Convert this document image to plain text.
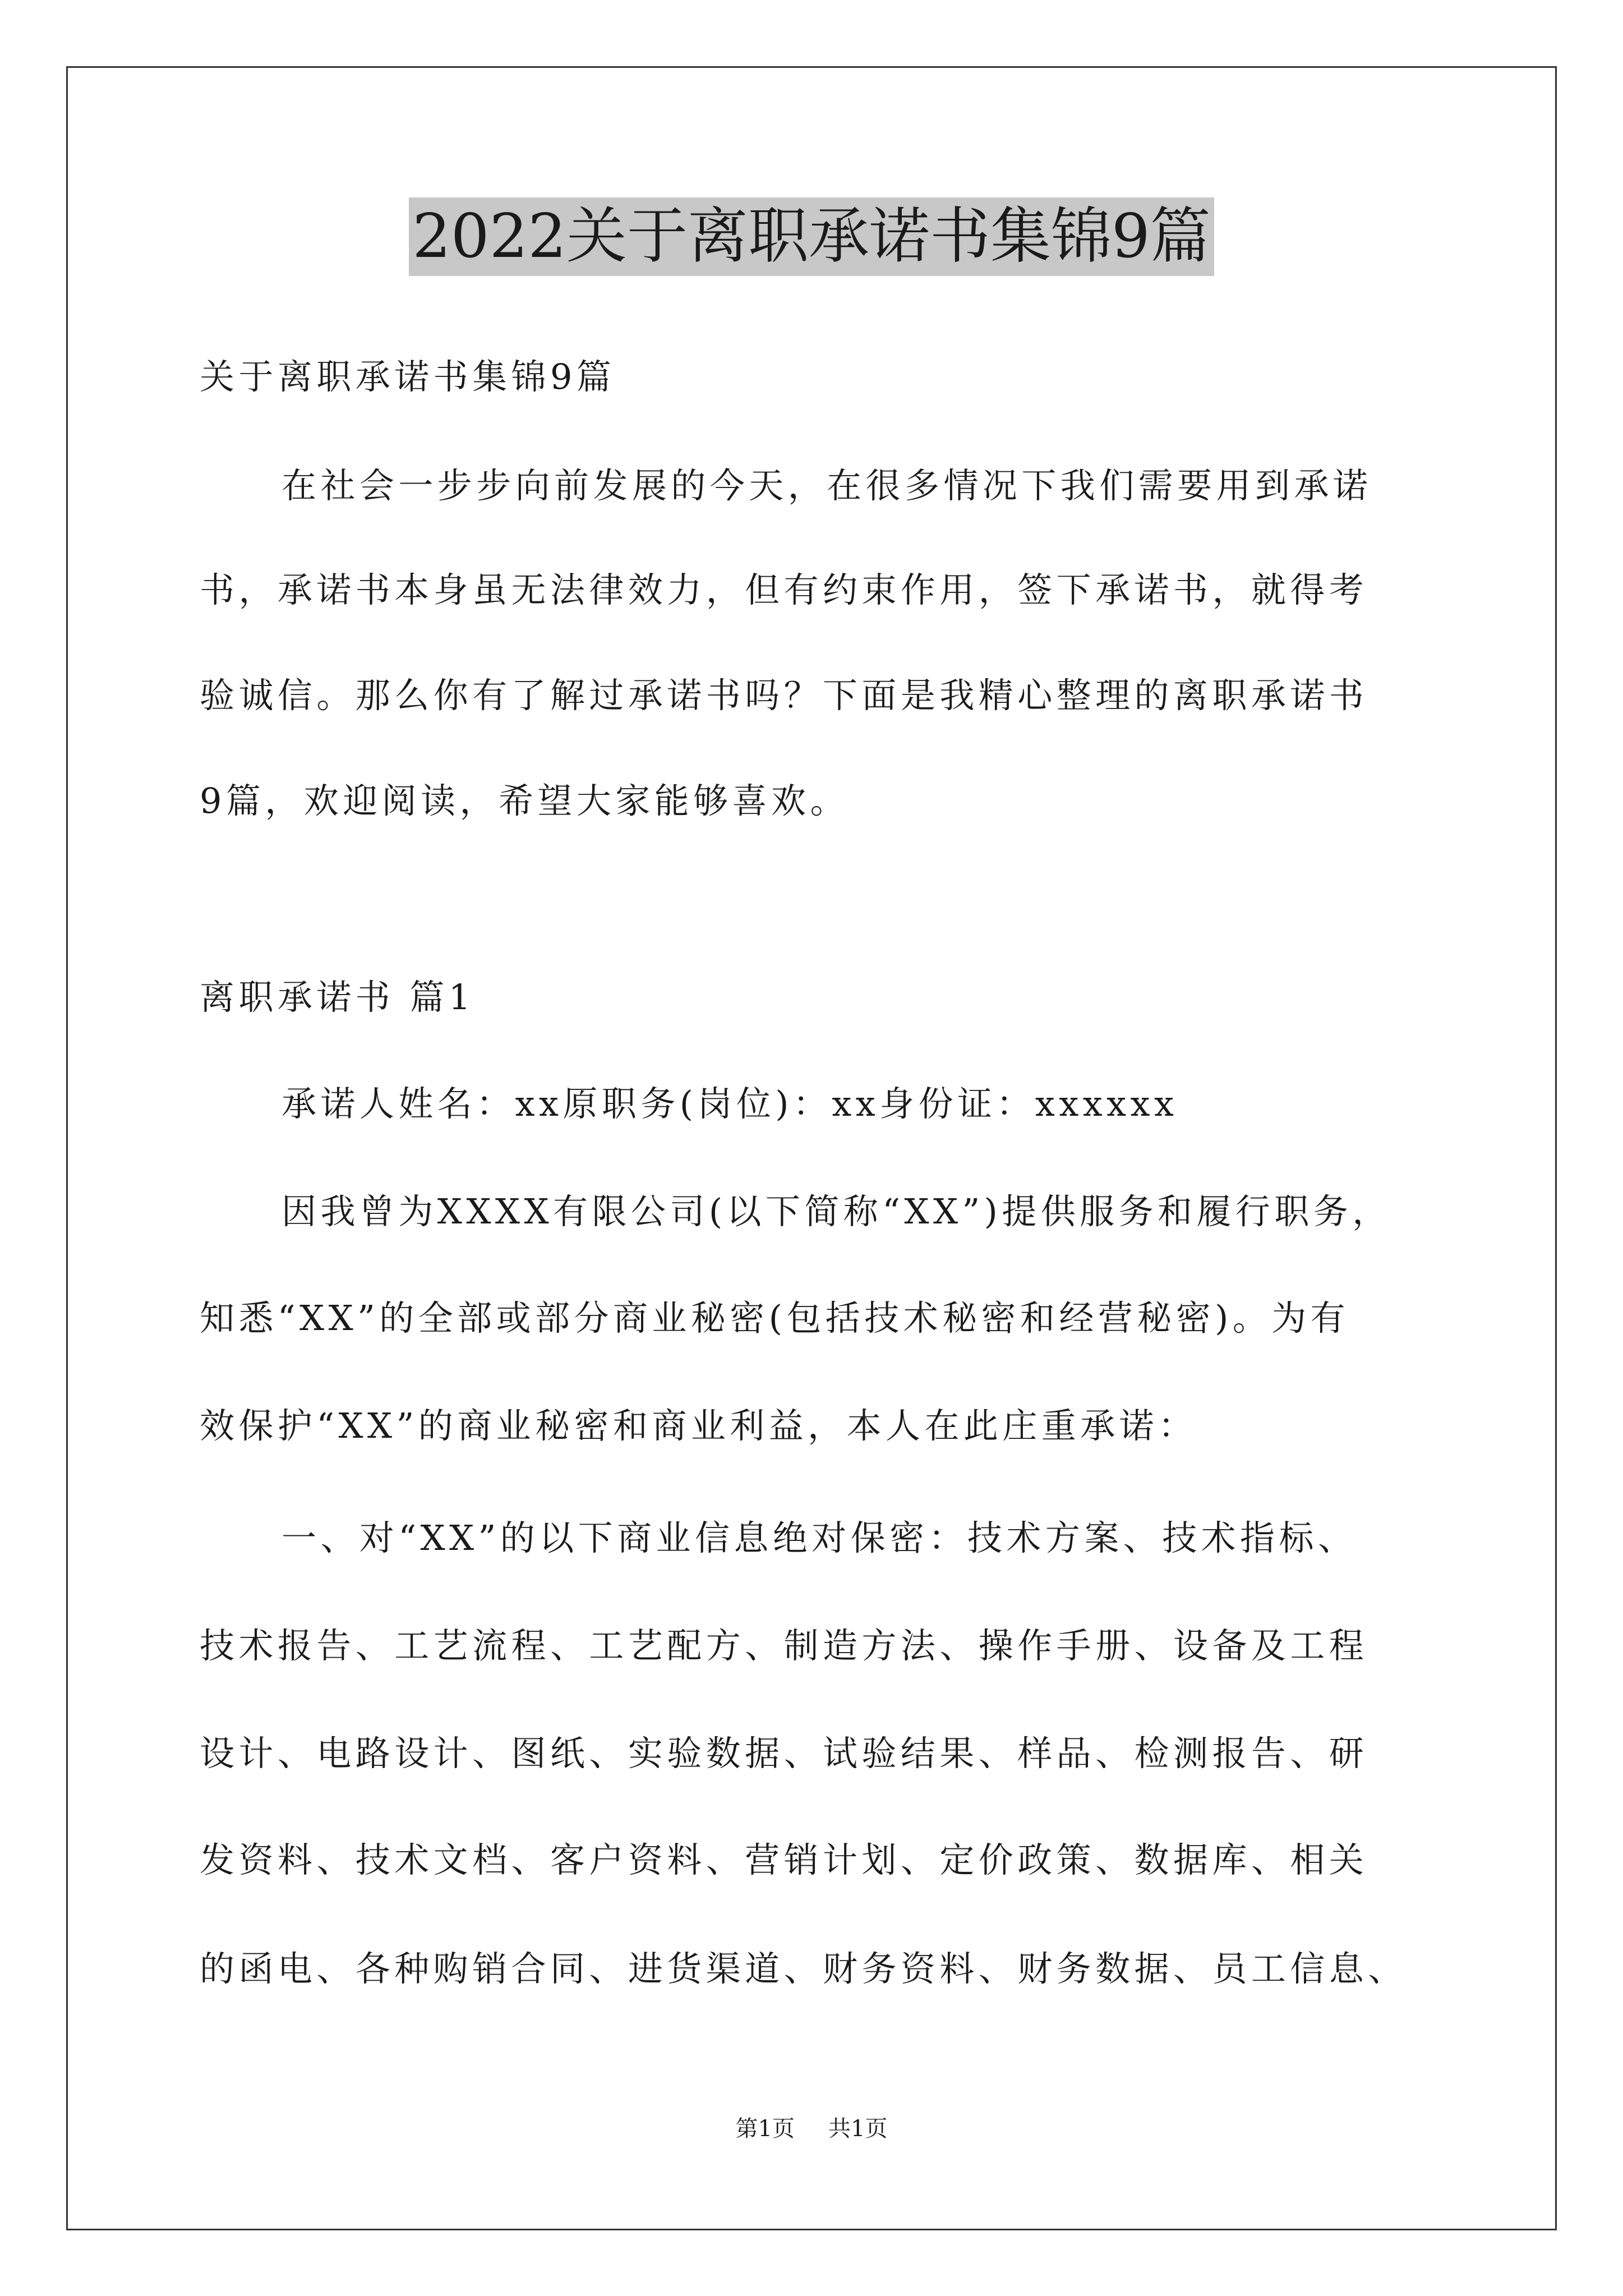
2022关于离职承诺书集锦9篇
关于离职承诺书集锦9篇
在社会一步步向前发展的今天，在很多情况下我们需要用到承诺
书，承诺书本身虽无法律效力，但有约束作用，签下承诺书，就得考
验诚信。那么你有了解过承诺书吗？下面是我精心整理的离职承诺书
9篇，欢迎阅读，希望大家能够喜欢。
离职承诺书 篇1
承诺人姓名：xx原职务(岗位)：xx身份证：xxxxxx
因我曾为XXXX有限公司(以下简称“XX”)提供服务和履行职务，
知悉“XX”的全部或部分商业秘密(包括技术秘密和经营秘密)。为有
效保护“XX”的商业秘密和商业利益，本人在此庄重承诺：
一、对“XX”的以下商业信息绝对保密：技术方案、技术指标、
技术报告、工艺流程、工艺配方、制造方法、操作手册、设备及工程
设计、电路设计、图纸、实验数据、试验结果、样品、检测报告、研
发资料、技术文档、客户资料、营销计划、定价政策、数据库、相关
的函电、各种购销合同、进货渠道、财务资料、财务数据、员工信息、
第1页 共1页
